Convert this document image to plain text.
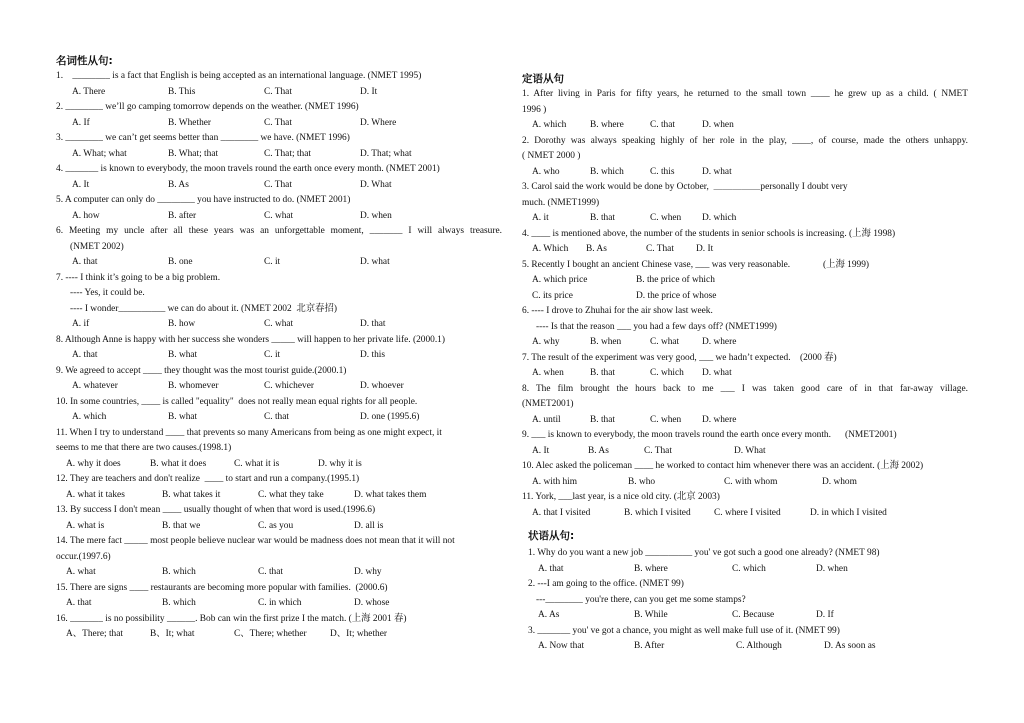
名词性从句:
1.    ________ is a fact that English is being accepted as an international language. (NMET 1995)
A. There	B. This	C. That	D. It
2. ________ we’ll go camping tomorrow depends on the weather. (NMET 1996)
A. If	B. Whether	C. That	D. Where
3. ________ we can’t get seems better than ________ we have. (NMET 1996)
A. What; what	B. What; that	C. That; that	D. That; what
4. _______ is known to everybody, the moon travels round the earth once every month. (NMET 2001)
A. It	B. As	C. That	D. What
5. A computer can only do ________ you have instructed to do. (NMET 2001)
A. how	B. after	C. what	D. when
6. Meeting my uncle after all these years was an unforgettable moment, _______ I will always treasure.
(NMET 2002)
A. that	B. one	C. it	D. what
7. ---- I think it’s going to be a big problem.
---- Yes, it could be.
---- I wonder__________ we can do about it. (NMET 2002  北京春招)
A. if	B. how	C. what	D. that
8. Although Anne is happy with her success she wonders _____ will happen to her private life. (2000.1)
A. that	B. what	C. it	D. this
9. We agreed to accept ____ they thought was the most tourist guide.(2000.1)
A. whatever	B. whomever	C. whichever	D. whoever
10. In some countries, ____ is called "equality"  does not really mean equal rights for all people.
A. which	B. what	C. that	D. one (1995.6)
11. When I try to understand ____ that prevents so many Americans from being as one might expect, it
seems to me that there are two causes.(1998.1)
A. why it does	B. what it does	C. what it is	D. why it is
12. They are teachers and don't realize  ____ to start and run a company.(1995.1)
A. what it takes	B. what takes it	C. what they take	D. what takes them
13. By success I don't mean ____ usually thought of when that word is used.(1996.6)
A. what is	B. that we	C. as you	D. all is
14. The mere fact _____ most people believe nuclear war would be madness does not mean that it will not
occur.(1997.6)
A. what	B. which	C. that	D. why
15. There are signs ____ restaurants are becoming more popular with families.  (2000.6)
A. that	B. which	C. in which	D. whose
16. _______ is no possibility ______. Bob can win the first prize I the match. (上海 2001 春)
A、There; that	B、It; what	C、There; whether	D、It; whether
定语从句
1. After living in Paris for fifty years, he returned to the small town ____ he grew up as a child. ( NMET
1996 )
A. which	B. where	C. that	D. when
2. Dorothy was always speaking highly of her role in the play, ____, of course, made the others unhappy.
( NMET 2000 )
A. who	B. which	C. this	D. what
3. Carol said the work would be done by October,  ＿＿＿＿＿personally I doubt very
much. (NMET1999)
A. it	B. that	C. when	D. which
4. ____ is mentioned above, the number of the students in senior schools is increasing. (上海 1998)
A. Which	B. As	C. That	D. It
5. Recently I bought an ancient Chinese vase, ___ was very reasonable.              (上海 1999)
A. which price	B. the price of which
C. its price	D. the price of whose
6. ---- I drove to Zhuhai for the air show last week.
---- Is that the reason ___ you had a few days off? (NMET1999)
A. why	B. when	C. what	D. where
7. The result of the experiment was very good, ___ we hadn’t expected.    (2000 春)
A. when	B. that	C. which	D. what
8. The film brought the hours back to me ___ I was taken good care of in that far-away village.
(NMET2001)
A. until	B. that	C. when	D. where
9. ___ is known to everybody, the moon travels round the earth once every month.      (NMET2001)
A. It	B. As	C. That	D. What
10. Alec asked the policeman ____ he worked to contact him whenever there was an accident. (上海 2002)
A. with him	B. who	C. with whom	D. whom
11. York, ___last year, is a nice old city. (北京 2003)
A. that I visited	B. which I visited	C. where I visited	D. in which I visited
状语从句:
1. Why do you want a new job __________ you' ve got such a good one already? (NMET 98)
A. that	B. where	C. which	D. when
2. ---I am going to the office. (NMET 99)
---________ you're there, can you get me some stamps?
A. As	B. While	C. Because	D. If
3. _______ you' ve got a chance, you might as well make full use of it. (NMET 99)
A. Now that	B. After	C. Although	D. As soon as
